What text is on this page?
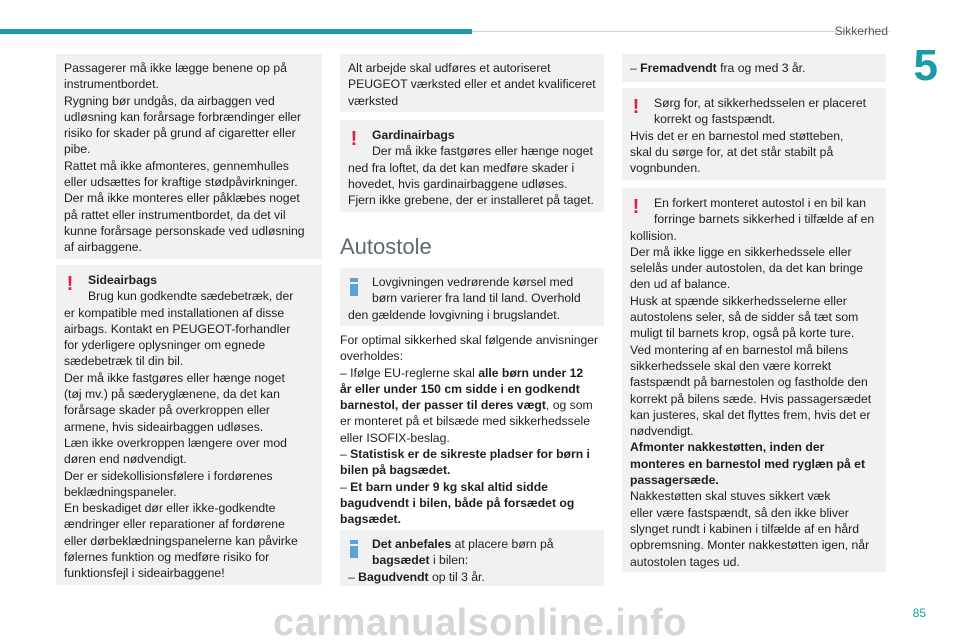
Sikkerhed
5

Passagerer må ikke lægge benene op på

instrumentbordet.

Rygning bør undgås, da airbaggen ved

udløsning kan forårsage forbrændinger eller

risiko for skader på grund af cigaretter eller

pibe.

Rattet må ikke afmonteres, gennemhulles

eller udsættes for kraftige stødpåvirkninger.

Der må ikke monteres eller påklæbes noget

på rattet eller instrumentbordet, da det vil

kunne forårsage personskade ved udløsning

af airbaggene.

!	Sideairbags

Brug kun godkendte sædebetræk, der

er kompatible med installationen af disse

airbags. Kontakt en PEUGEOT-forhandler

for yderligere oplysninger om egnede

sædebetræk til din bil.

Der må ikke fastgøres eller hænge noget

(tøj mv.) på sæderyglænene, da det kan

forårsage skader på overkroppen eller

armene, hvis sideairbaggen udløses.

Læn ikke overkroppen længere over mod

døren end nødvendigt.

Der er sidekollisionsfølere i fordørenes

beklædningspaneler.

En beskadiget dør eller ikke-godkendte

ændringer eller reparationer af fordørene

eller dørbeklædningspanelerne kan påvirke

følernes funktion og medføre risiko for

funktionsfejl i sideairbaggene!

Alt arbejde skal udføres et autoriseret

PEUGEOT værksted eller et andet kvalificeret

værksted

!	Gardinairbags

Der må ikke fastgøres eller hænge noget

ned fra loftet, da det kan medføre skader i

hovedet, hvis gardinairbaggene udløses.

Fjern ikke grebene, der er installeret på taget.

Autostole

Lovgivningen vedrørende kørsel med

børn varierer fra land til land. Overhold

den gældende lovgivning i brugslandet.

For optimal sikkerhed skal følgende anvisninger

overholdes:

– Ifølge EU-reglerne skal alle børn under 12

år eller under 150 cm sidde i en godkendt

barnestol, der passer til deres vægt, og som

er monteret på et bilsæde med sikkerhedssele

eller ISOFIX-beslag.

– Statistisk er de sikreste pladser for børn i

bilen på bagsædet.

– Et barn under 9 kg skal altid sidde

bagudvendt i bilen, både på forsædet og

bagsædet.

Det anbefales at placere børn på

bagsædet i bilen:

– Bagudvendt op til 3 år.

– Fremadvendt fra og med 3 år.

!	Sørg for, at sikkerhedsselen er placeret

korrekt og fastspændt.

Hvis det er en barnestol med støtteben,

skal du sørge for, at det står stabilt på

vognbunden.

!	En forkert monteret autostol i en bil kan

forringe barnets sikkerhed i tilfælde af en

kollision.

Der må ikke ligge en sikkerhedssele eller

selelås under autostolen, da det kan bringe

den ud af balance.

Husk at spænde sikkerhedsselerne eller

autostolens seler, så de sidder så tæt som

muligt til barnets krop, også på korte ture.

Ved montering af en barnestol må bilens

sikkerhedssele skal den være korrekt

fastspændt på barnestolen og fastholde den

korrekt på bilens sæde. Hvis passagersædet

kan justeres, skal det flyttes frem, hvis det er

nødvendigt.

Afmonter nakkestøtten, inden der

monteres en barnestol med ryglæn på et

passagersæde.

Nakkestøtten skal stuves sikkert væk

eller være fastspændt, så den ikke bliver

slynget rundt i kabinen i tilfælde af en hård

opbremsning. Monter nakkestøtten igen, når

autostolen tages ud.

carmanualsonline.info	85
